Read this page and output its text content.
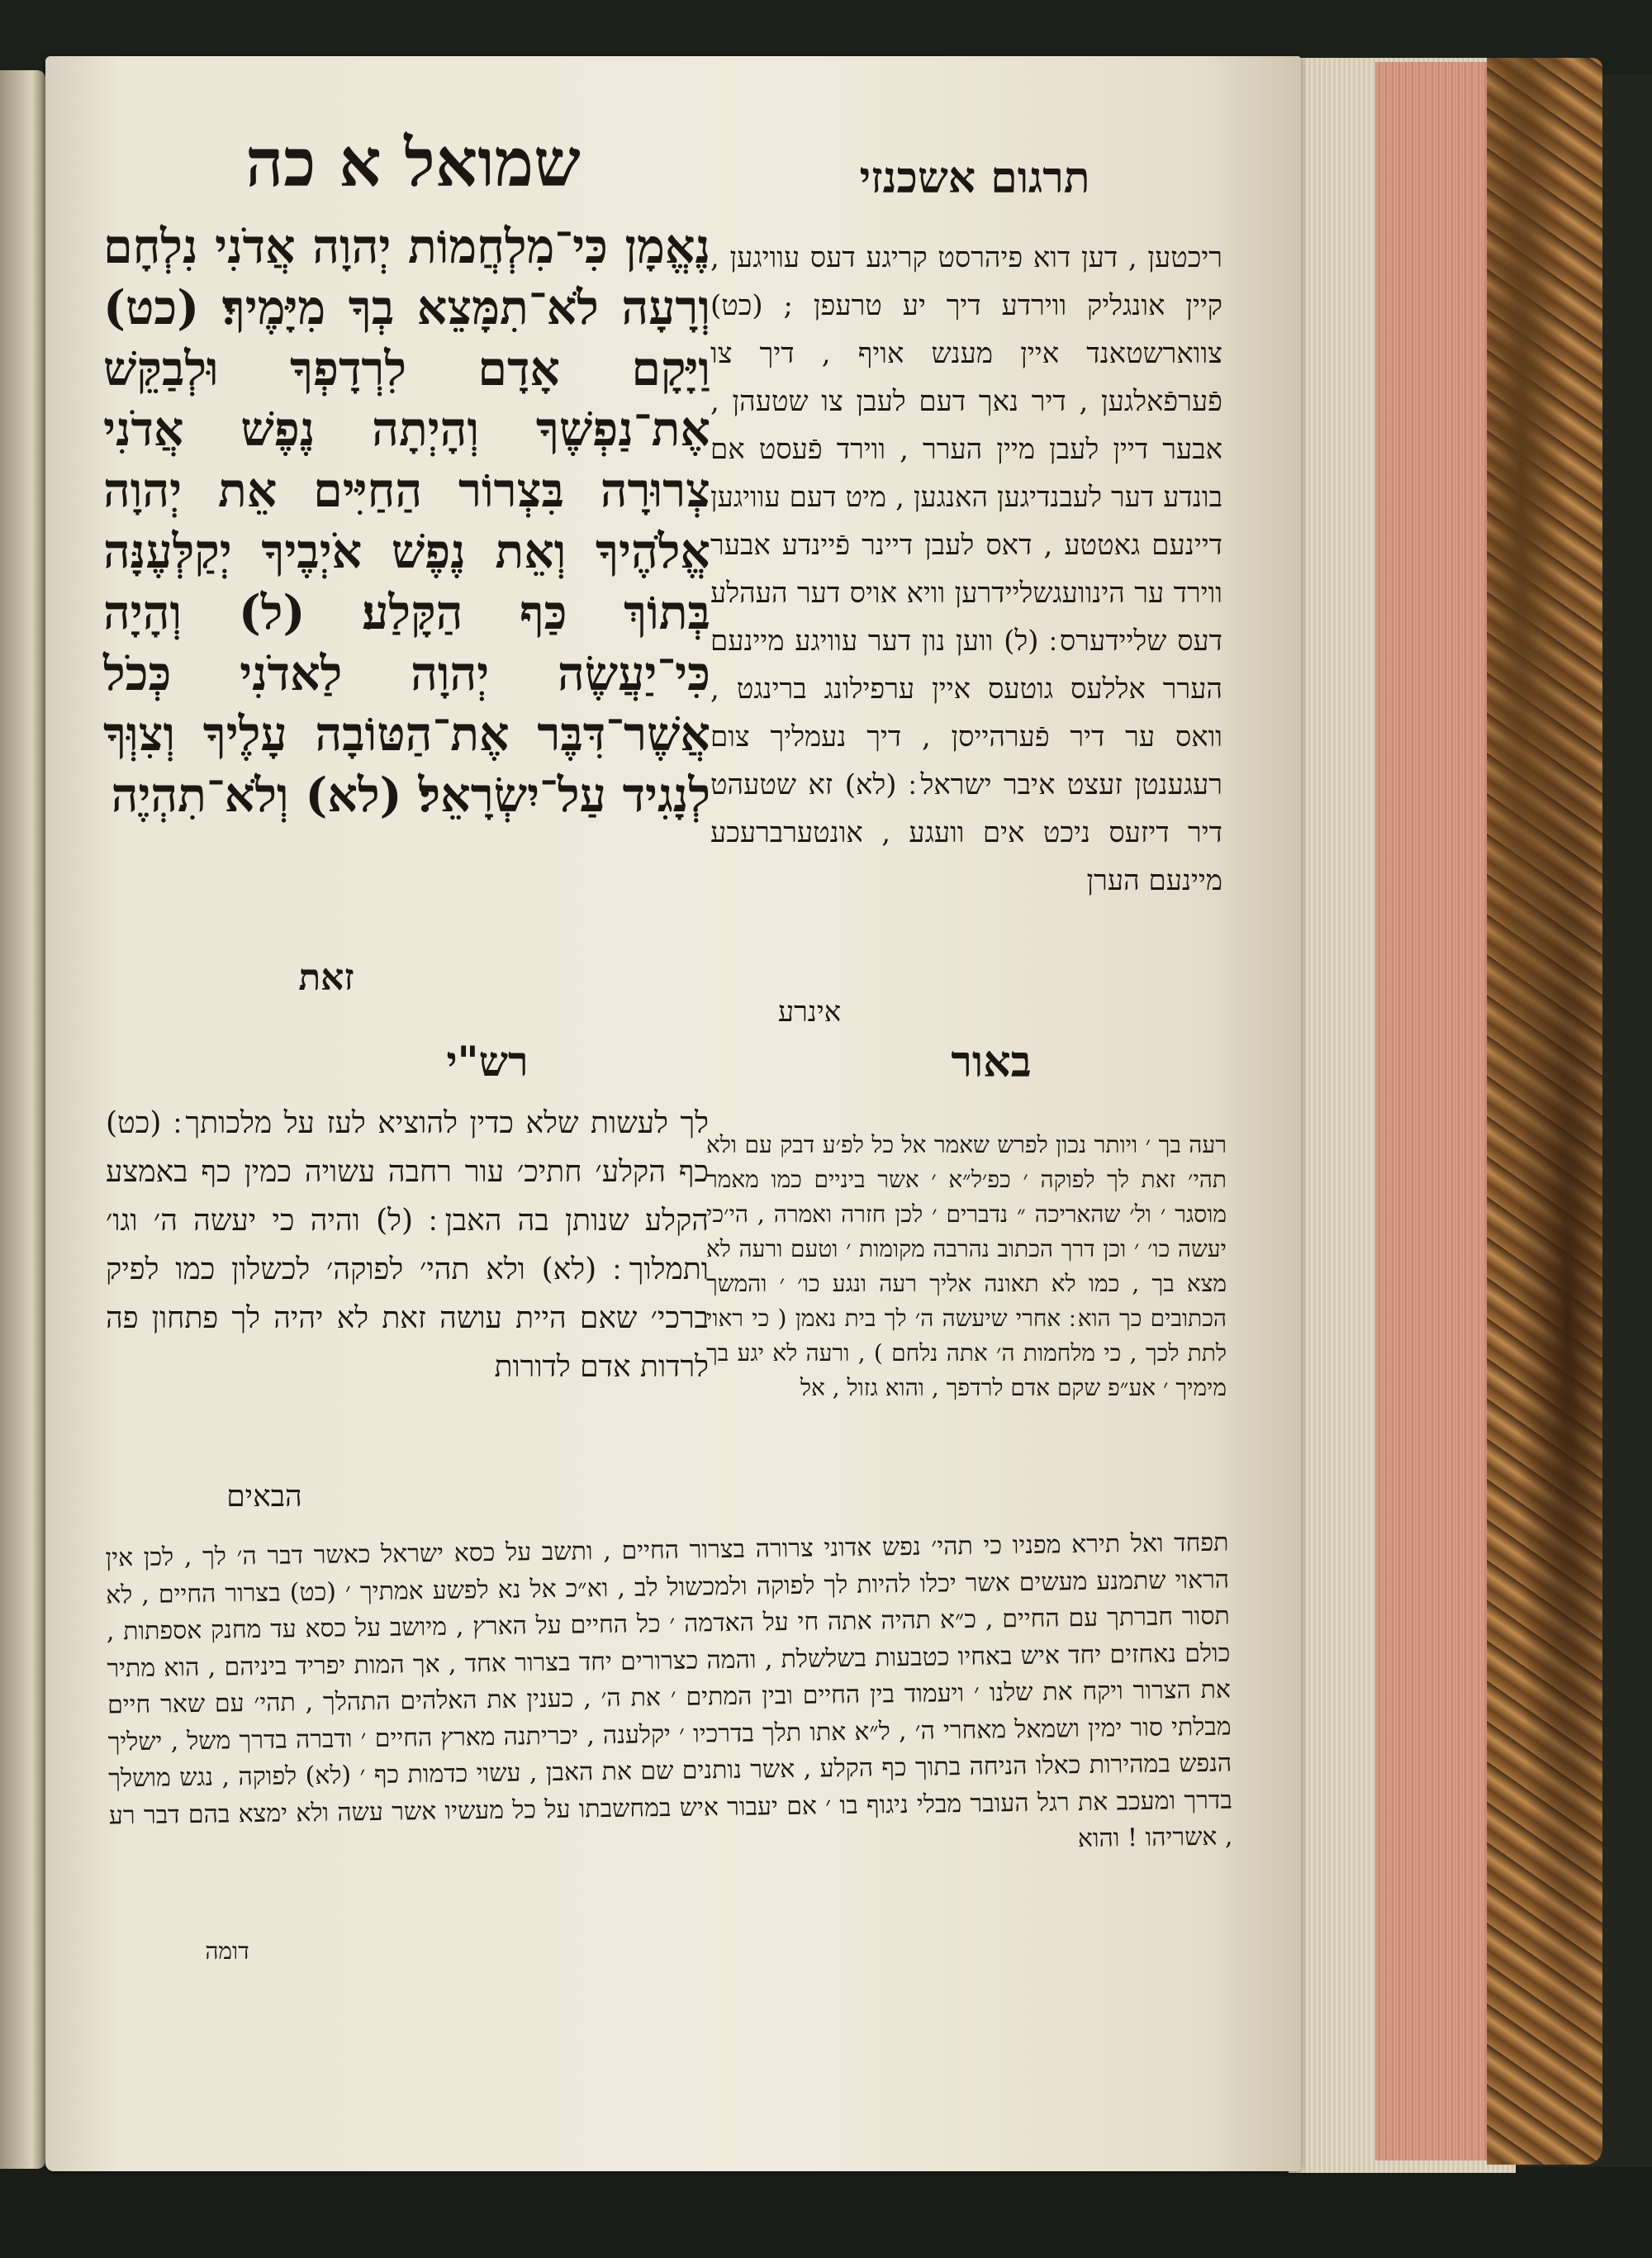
שמואל א כה	תרגום אשכנזי
נֶאֱמָן כִּי־מִלְחֲמוֹת יְהוָה אֲדֹנִי נִלְחָם וְרָעָה לֹא־תִמָּצֵא בְךָ מִיָּמֶיךָ׃ (כט) וַיָּקָם אָדָם לִרְדָפְךָ וּלְבַקֵּשׁ אֶת־נַפְשֶׁךָ וְהָיְתָה נֶפֶשׁ אֲדֹנִי צְרוּרָה בִּצְרוֹר הַחַיִּים אֵת יְהוָה אֱלֹהֶיךָ וְאֵת נֶפֶשׁ אֹיְבֶיךָ יְקַלְּעֶנָּה בְּתוֹךְ כַּף הַקָּלַע׃ (ל) וְהָיָה כִּי־יַעֲשֶׂה יְהוָה לַאדֹנִי כְּכֹל אֲשֶׁר־דִּבֶּר אֶת־הַטּוֹבָה עָלֶיךָ וְצִוְּךָ לְנָגִיד עַל־יִשְׂרָאֵל׃ (לא) וְלֹא־תִהְיֶה
זאת
ריכטען , דען דוא פיהרסט קריגע דעס עוויגען , קיין אונגליק ווירדע דיך יע טרעפן ; (כט) צווארשטאנד איין מענש אויף , דיך צו פֿערפֿאלגען , דיר נאך דעם לעבן צו שטעהן , אבער דיין לעבן מיין הערר , ווירד פֿעסט אם בונדע דער לעבנדיגען האנגען , מיט דעם עוויגען דיינעם גאטטע , דאס לעבן דיינר פֿיינדע אבער ווירד ער הינוועגשליידרען וויא אויס דער העהלע דעס שליידערס ׃ (ל) ווען נון דער עוויגע מיינעם הערר אללעס גוטעס איין ערפילונג ברינגט , וואס ער דיר פֿערהייסן , דיך נעמליך צום רעגענטן זעצט איבר ישראל ׃ (לא) זא שטעהט דיר דיזעס ניכט אים וועגע , אונטערברעכע מיינעם הערן
אינרע
באור
רש"י
לך לעשות שלא כדין להוציא לעז על מלכותך ׃ (כט) כף הקלע׳ חתיכ׳ עור רחבה עשויה כמין כף באמצע הקלע שנותן בה האבן ׃ (ל) והיה כי יעשה ה׳ וגו׳ ותמלוך ׃ (לא) ולא תהי׳ לפוקה׳ לכשלון כמו לפיק ברכי׳ שאם היית עושה זאת לא יהיה לך פתחון פה לרדות אדם לדורות
הבאים
רעה בך ׳ ויותר נכון לפרש שאמר אל כל לפ׳ע דבק עם ולא תהי׳ זאת לך לפוקה ׳ כפ׳ל״א ׳ אשר ביניים כמו מאמר מוסגר ׳ ול׳ שהאריכה ״ נדברים ׳ לכן חזרה ואמרה , הי׳כי יעשה כו׳ ׳ וכן דרך הכתוב נהרבה מקומות ׳ וטעם ורעה לא מצא בך , כמו לא תאונה אליך רעה ונגע כו׳ ׳ והמשך הכתובים כך הוא ׃ אחרי שיעשה ה׳ לך בית נאמן ( כי ראוי לתת לכך , כי מלחמות ה׳ אתה נלחם ) , ורעה לא יגע בך מימיך ׳ אע״פ שקם אדם לרדפך , והוא גזול , אל
תפחד ואל תירא מפניו כי תהי׳ נפש אדוני צרורה בצרור החיים , ותשב על כסא ישראל כאשר דבר ה׳ לך , לכן אין הראוי שתמנע מעשים אשר יכלו להיות לך לפוקה ולמכשול לב , וא״כ אל נא לפשע אמתיך ׳ (כט) בצרור החיים , לא תסור חברתך עם החיים , כ״א תהיה אתה חי על האדמה ׳ כל החיים על הארץ , מיושב על כסא עד מחנק אספתות , כולם נאחזים יחד איש באחיו כטבעות בשלשלת , והמה כצרורים יחד בצרור אחד , אך המות יפריד ביניהם , הוא מתיר את הצרור ויקח את שלנו ׳ ויעמוד בין החיים ובין המתים ׳ את ה׳ , כענין את האלהים התהלך , תהי׳ עם שאר חיים מבלתי סור ימין ושמאל מאחרי ה׳ , ל״א אתו תלך בדרכיו ׳ יקלענה , יכריתנה מארץ החיים ׳ ודברה בדרך משל , ישליך הנפש במהירות כאלו הניחה בתוך כף הקלע , אשר נותנים שם את האבן , עשוי כדמות כף ׳ (לא) לפוקה , נגש מושלך בדרך ומעכב את רגל העובר מבלי ניגוף בו ׳ אם יעבור איש במחשבתו על כל מעשיו אשר עשה ולא ימצא בהם דבר רע , אשריהו ! והוא
דומה
